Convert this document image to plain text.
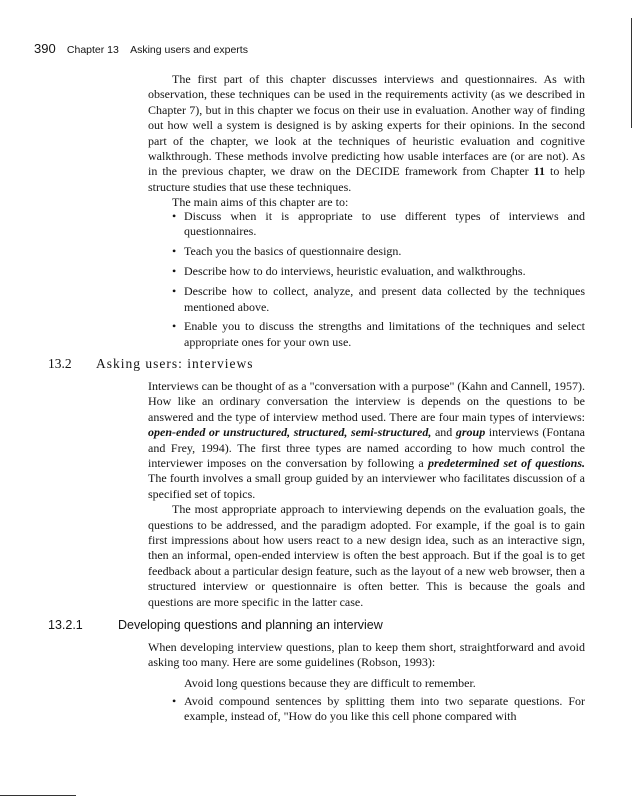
390 Chapter 13 Asking users and experts

The first part of this chapter discusses interviews and questionnaires. As with observation, these techniques can be used in the requirements activity (as we described in Chapter 7), but in this chapter we focus on their use in evaluation. Another way of finding out how well a system is designed is by asking experts for their opinions. In the second part of the chapter, we look at the techniques of heuristic evaluation and cognitive walkthrough. These methods involve predicting how usable interfaces are (or are not). As in the previous chapter, we draw on the DECIDE framework from Chapter 11 to help structure studies that use these techniques.

The main aims of this chapter are to:

• Discuss when it is appropriate to use different types of interviews and questionnaires.
• Teach you the basics of questionnaire design.
• Describe how to do interviews, heuristic evaluation, and walkthroughs.
• Describe how to collect, analyze, and present data collected by the techniques mentioned above.
• Enable you to discuss the strengths and limitations of the techniques and select appropriate ones for your own use.
13.2 Asking users: interviews

Interviews can be thought of as a "conversation with a purpose" (Kahn and Cannell, 1957). How like an ordinary conversation the interview is depends on the questions to be answered and the type of interview method used. There are four main types of interviews: open-ended or unstructured, structured, semi-structured, and group interviews (Fontana and Frey, 1994). The first three types are named according to how much control the interviewer imposes on the conversation by following a predetermined set of questions. The fourth involves a small group guided by an interviewer who facilitates discussion of a specified set of topics.

The most appropriate approach to interviewing depends on the evaluation goals, the questions to be addressed, and the paradigm adopted. For example, if the goal is to gain first impressions about how users react to a new design idea, such as an interactive sign, then an informal, open-ended interview is often the best approach. But if the goal is to get feedback about a particular design feature, such as the layout of a new web browser, then a structured interview or questionnaire is often better. This is because the goals and questions are more specific in the latter case.

13.2.1	Developing questions and planning an interview

When developing interview questions, plan to keep them short, straightforward and avoid asking too many. Here are some guidelines (Robson, 1993):

Avoid long questions because they are difficult to remember.
• Avoid compound sentences by splitting them into two separate questions. For example, instead of, "How do you like this cell phone compared with
